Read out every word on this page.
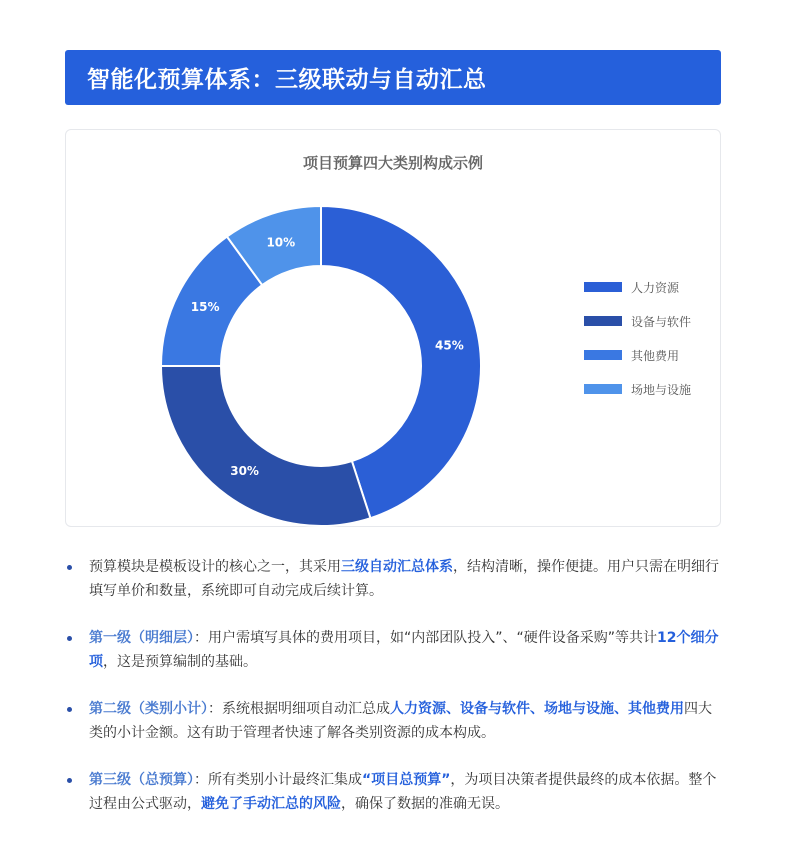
智能化预算体系：三级联动与自动汇总
项目预算四大类别构成示例
45%
30%
15%
10%
人力资源
设备与软件
其他费用
场地与设施
预算模块是模板设计的核心之一，其采用三级自动汇总体系，结构清晰，操作便捷。用户只需在明细行填写单价和数量，系统即可自动完成后续计算。
第一级（明细层）：用户需填写具体的费用项目，如“内部团队投入”、“硬件设备采购”等共计12个细分项，这是预算编制的基础。
第二级（类别小计）：系统根据明细项自动汇总成人力资源、设备与软件、场地与设施、其他费用四大类的小计金额。这有助于管理者快速了解各类别资源的成本构成。
第三级（总预算）：所有类别小计最终汇集成“项目总预算”，为项目决策者提供最终的成本依据。整个过程由公式驱动，避免了手动汇总的风险，确保了数据的准确无误。
